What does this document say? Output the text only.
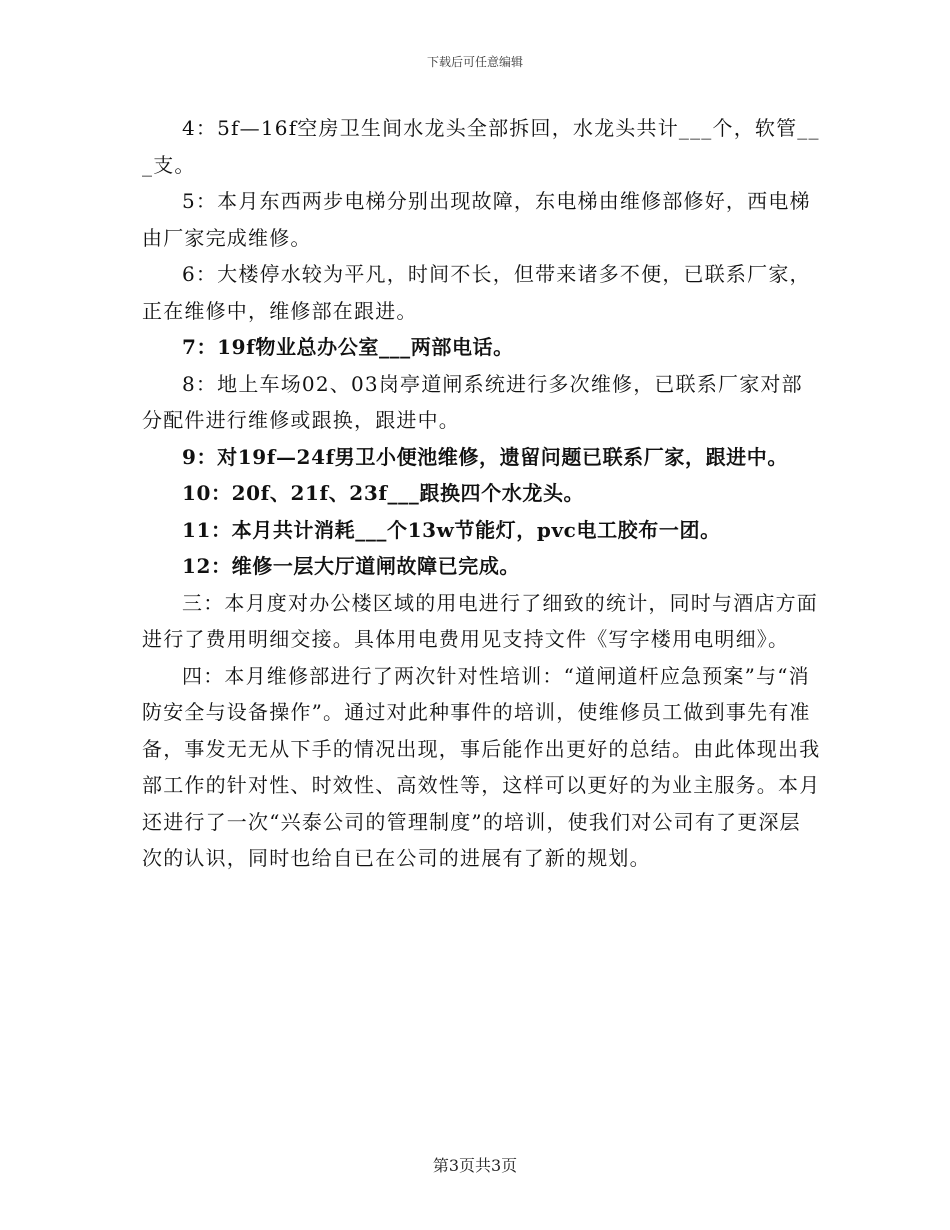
下载后可任意编辑

4：5f—16f空房卫生间水龙头全部拆回，水龙头共计___个，软管___支。

5：本月东西两步电梯分别出现故障，东电梯由维修部修好，西电梯由厂家完成维修。

6：大楼停水较为平凡，时间不长，但带来诸多不便，已联系厂家，正在维修中，维修部在跟进。

7：19f物业总办公室___两部电话。

8：地上车场02、03岗亭道闸系统进行多次维修，已联系厂家对部分配件进行维修或跟换，跟进中。

9：对19f—24f男卫小便池维修，遗留问题已联系厂家，跟进中。

10：20f、21f、23f___跟换四个水龙头。

11：本月共计消耗___个13w节能灯，pvc电工胶布一团。

12：维修一层大厅道闸故障已完成。

三：本月度对办公楼区域的用电进行了细致的统计，同时与酒店方面进行了费用明细交接。具体用电费用见支持文件《写字楼用电明细》。

四：本月维修部进行了两次针对性培训：“道闸道杆应急预案”与“消防安全与设备操作”。通过对此种事件的培训，使维修员工做到事先有准备，事发无无从下手的情况出现，事后能作出更好的总结。由此体现出我部工作的针对性、时效性、高效性等，这样可以更好的为业主服务。本月还进行了一次“兴泰公司的管理制度”的培训，使我们对公司有了更深层次的认识，同时也给自已在公司的进展有了新的规划。

第3页共3页
